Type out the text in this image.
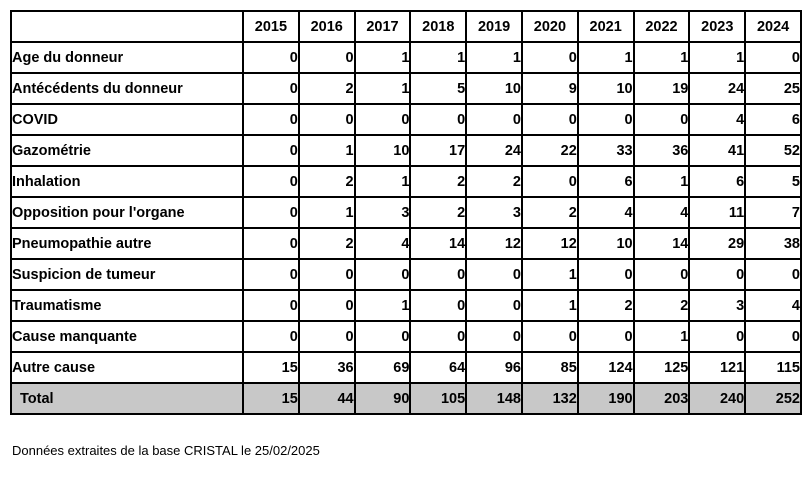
	2015	2016	2017	2018	2019	2020	2021	2022	2023	2024
Age du donneur	0	0	1	1	1	0	1	1	1	0
Antécédents du donneur	0	2	1	5	10	9	10	19	24	25
COVID	0	0	0	0	0	0	0	0	4	6
Gazométrie	0	1	10	17	24	22	33	36	41	52
Inhalation	0	2	1	2	2	0	6	1	6	5
Opposition pour l'organe	0	1	3	2	3	2	4	4	11	7
Pneumopathie autre	0	2	4	14	12	12	10	14	29	38
Suspicion de tumeur	0	0	0	0	0	1	0	0	0	0
Traumatisme	0	0	1	0	0	1	2	2	3	4
Cause manquante	0	0	0	0	0	0	0	1	0	0
Autre cause	15	36	69	64	96	85	124	125	121	115
Total	15	44	90	105	148	132	190	203	240	252
Données extraites de la base CRISTAL le 25/02/2025
